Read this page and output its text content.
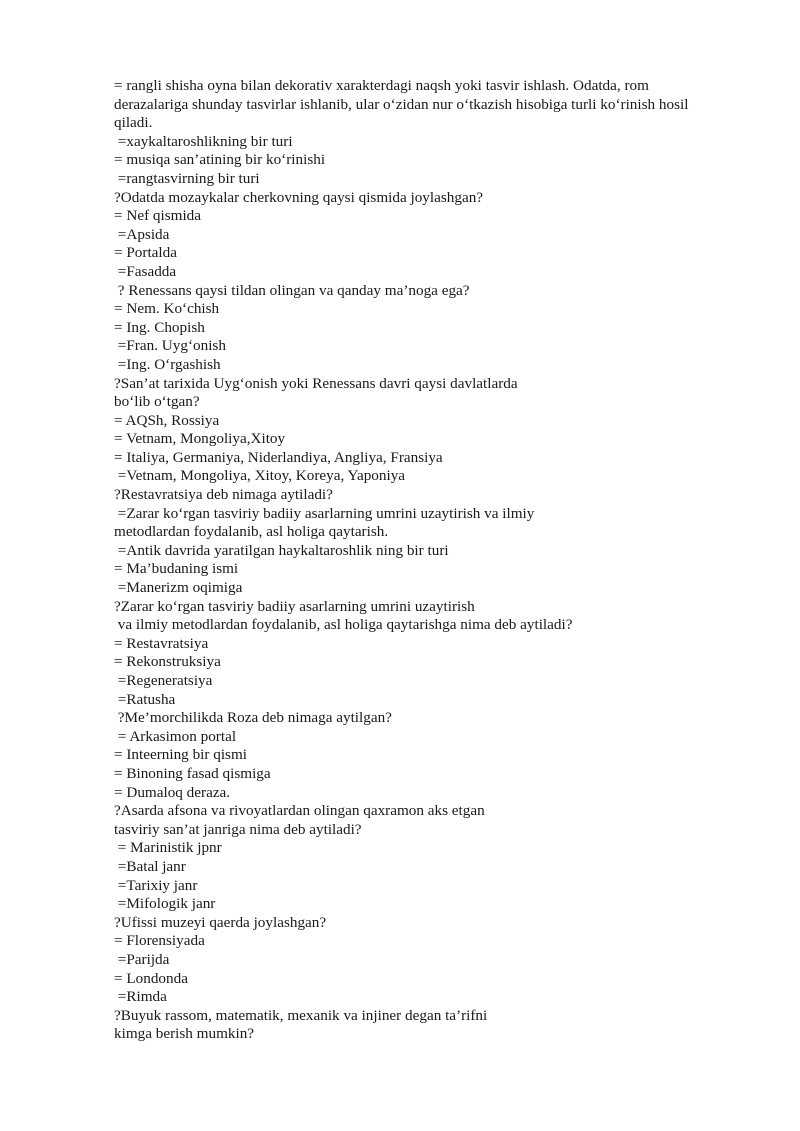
= rangli shisha oyna bilan dekorativ xarakterdagi naqsh yoki tasvir ishlash. Odatda, rom
derazalariga shunday tasvirlar ishlanib, ular o‘zidan nur o‘tkazish hisobiga turli ko‘rinish hosil
qiladi.
=xaykaltaroshlikning bir turi
= musiqa san’atining bir ko‘rinishi
=rangtasvirning bir turi
?Odatda mozaykalar cherkovning qaysi qismida joylashgan?
= Nef qismida
=Apsida
= Portalda
=Fasadda
? Renessans qaysi tildan olingan va qanday ma’noga ega?
= Nem. Ko‘chish
= Ing. Chopish
=Fran. Uyg‘onish
=Ing. O‘rgashish
?San’at tarixida Uyg‘onish yoki Renessans davri qaysi davlatlarda
bo‘lib o‘tgan?
= AQSh, Rossiya
= Vetnam, Mongoliya,Xitoy
= Italiya, Germaniya, Niderlandiya, Angliya, Fransiya
=Vetnam, Mongoliya, Xitoy, Koreya, Yaponiya
?Restavratsiya deb nimaga aytiladi?
=Zarar ko‘rgan tasviriy badiiy asarlarning umrini uzaytirish va ilmiy
metodlardan foydalanib, asl holiga qaytarish.
=Antik davrida yaratilgan haykaltaroshlik ning bir turi
= Ma’budaning ismi
=Manerizm oqimiga
?Zarar ko‘rgan tasviriy badiiy asarlarning umrini uzaytirish
va ilmiy metodlardan foydalanib, asl holiga qaytarishga nima deb aytiladi?
= Restavratsiya
= Rekonstruksiya
=Regeneratsiya
=Ratusha
?Me’morchilikda Roza deb nimaga aytilgan?
= Arkasimon portal
= Inteerning bir qismi
= Binoning fasad qismiga
= Dumaloq deraza.
?Asarda afsona va rivoyatlardan olingan qaxramon aks etgan
tasviriy san’at janriga nima deb aytiladi?
= Marinistik jpnr
=Batal janr
=Tarixiy janr
=Mifologik janr
?Ufissi muzeyi qaerda joylashgan?
= Florensiyada
=Parijda
= Londonda
=Rimda
?Buyuk rassom, matematik, mexanik va injiner degan ta’rifni
kimga berish mumkin?
